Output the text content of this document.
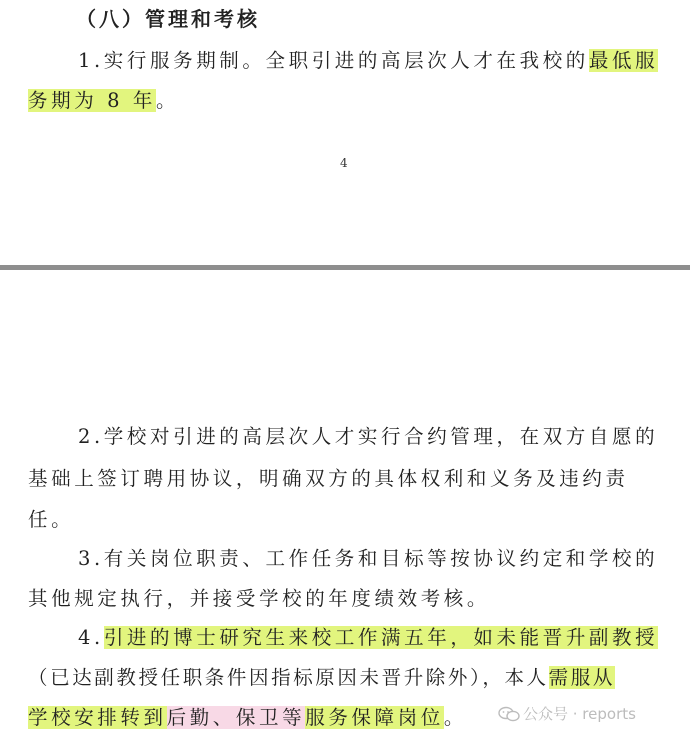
（八）管理和考核
1.实行服务期制。全职引进的高层次人才在我校的最低服
务期为 8 年。
4
2.学校对引进的高层次人才实行合约管理，在双方自愿的
基础上签订聘用协议，明确双方的具体权利和义务及违约责
任。
3.有关岗位职责、工作任务和目标等按协议约定和学校的
其他规定执行，并接受学校的年度绩效考核。
4.引进的博士研究生来校工作满五年，如未能晋升副教授
（已达副教授任职条件因指标原因未晋升除外），本人需服从
学校安排转到后勤、保卫等服务保障岗位。	公众号 · reports
